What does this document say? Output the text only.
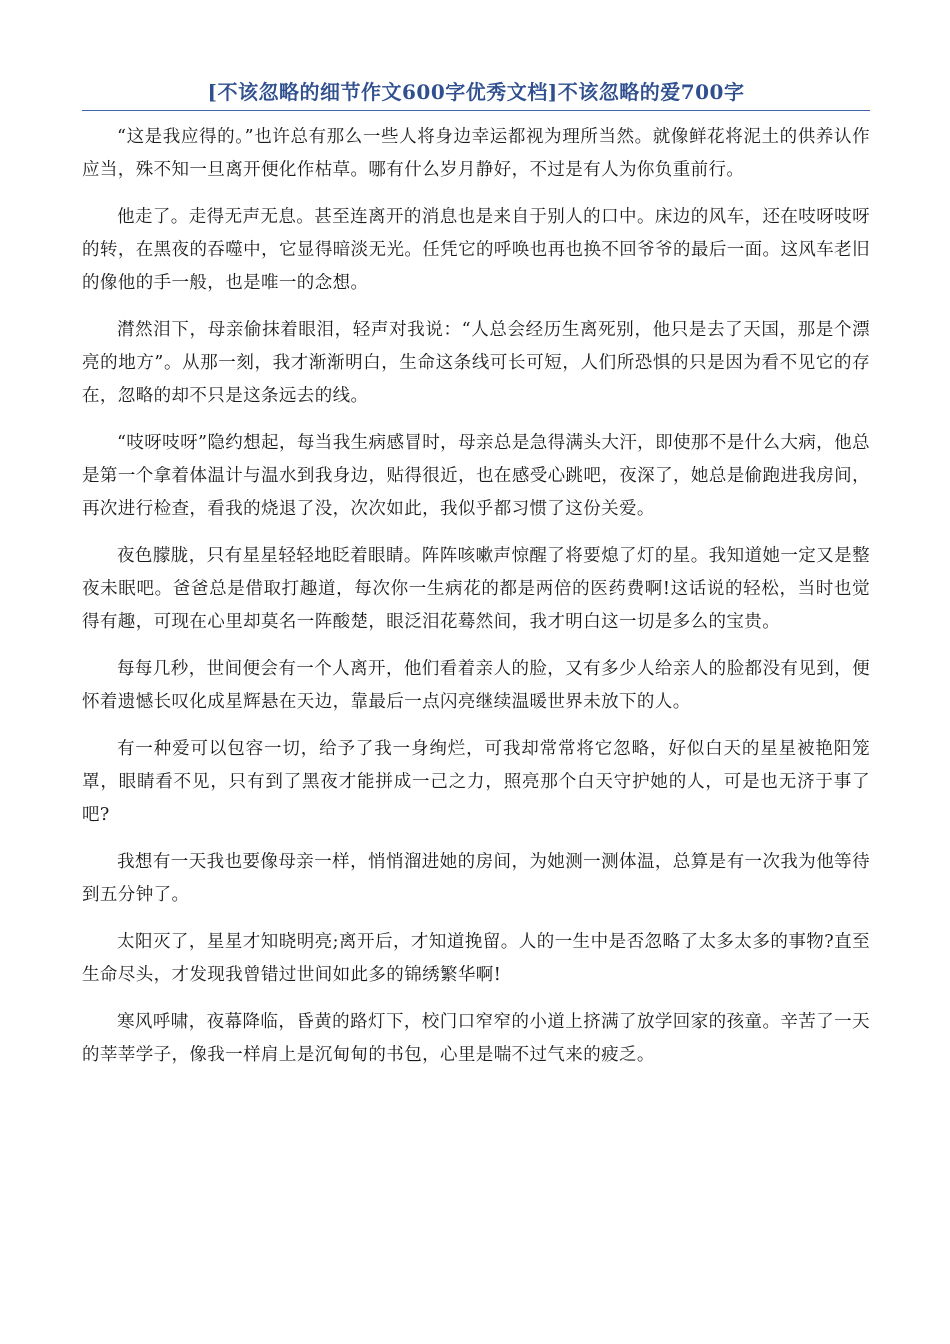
[不该忽略的细节作文600字优秀文档]不该忽略的爱700字

“这是我应得的。”也许总有那么一些人将身边幸运都视为理所当然。就像鲜花将泥土的供养认作应当，殊不知一旦离开便化作枯草。哪有什么岁月静好，不过是有人为你负重前行。

他走了。走得无声无息。甚至连离开的消息也是来自于别人的口中。床边的风车，还在吱呀吱呀的转，在黑夜的吞噬中，它显得暗淡无光。任凭它的呼唤也再也换不回爷爷的最后一面。这风车老旧的像他的手一般，也是唯一的念想。

潸然泪下，母亲偷抹着眼泪，轻声对我说：“人总会经历生离死别，他只是去了天国，那是个漂亮的地方”。从那一刻，我才渐渐明白，生命这条线可长可短，人们所恐惧的只是因为看不见它的存在，忽略的却不只是这条远去的线。

“吱呀吱呀”隐约想起，每当我生病感冒时，母亲总是急得满头大汗，即使那不是什么大病，他总是第一个拿着体温计与温水到我身边，贴得很近，也在感受心跳吧，夜深了，她总是偷跑进我房间，再次进行检查，看我的烧退了没，次次如此，我似乎都习惯了这份关爱。

夜色朦胧，只有星星轻轻地眨着眼睛。阵阵咳嗽声惊醒了将要熄了灯的星。我知道她一定又是整夜未眠吧。爸爸总是借取打趣道，每次你一生病花的都是两倍的医药费啊!这话说的轻松，当时也觉得有趣，可现在心里却莫名一阵酸楚，眼泛泪花蓦然间，我才明白这一切是多么的宝贵。

每每几秒，世间便会有一个人离开，他们看着亲人的脸，又有多少人给亲人的脸都没有见到，便怀着遗憾长叹化成星辉悬在天边，靠最后一点闪亮继续温暖世界未放下的人。

有一种爱可以包容一切，给予了我一身绚烂，可我却常常将它忽略，好似白天的星星被艳阳笼罩，眼睛看不见，只有到了黑夜才能拼成一己之力，照亮那个白天守护她的人，可是也无济于事了吧?

我想有一天我也要像母亲一样，悄悄溜进她的房间，为她测一测体温，总算是有一次我为他等待到五分钟了。

太阳灭了，星星才知晓明亮;离开后，才知道挽留。人的一生中是否忽略了太多太多的事物?直至生命尽头，才发现我曾错过世间如此多的锦绣繁华啊!

寒风呼啸，夜幕降临，昏黄的路灯下，校门口窄窄的小道上挤满了放学回家的孩童。辛苦了一天的莘莘学子，像我一样肩上是沉甸甸的书包，心里是喘不过气来的疲乏。
